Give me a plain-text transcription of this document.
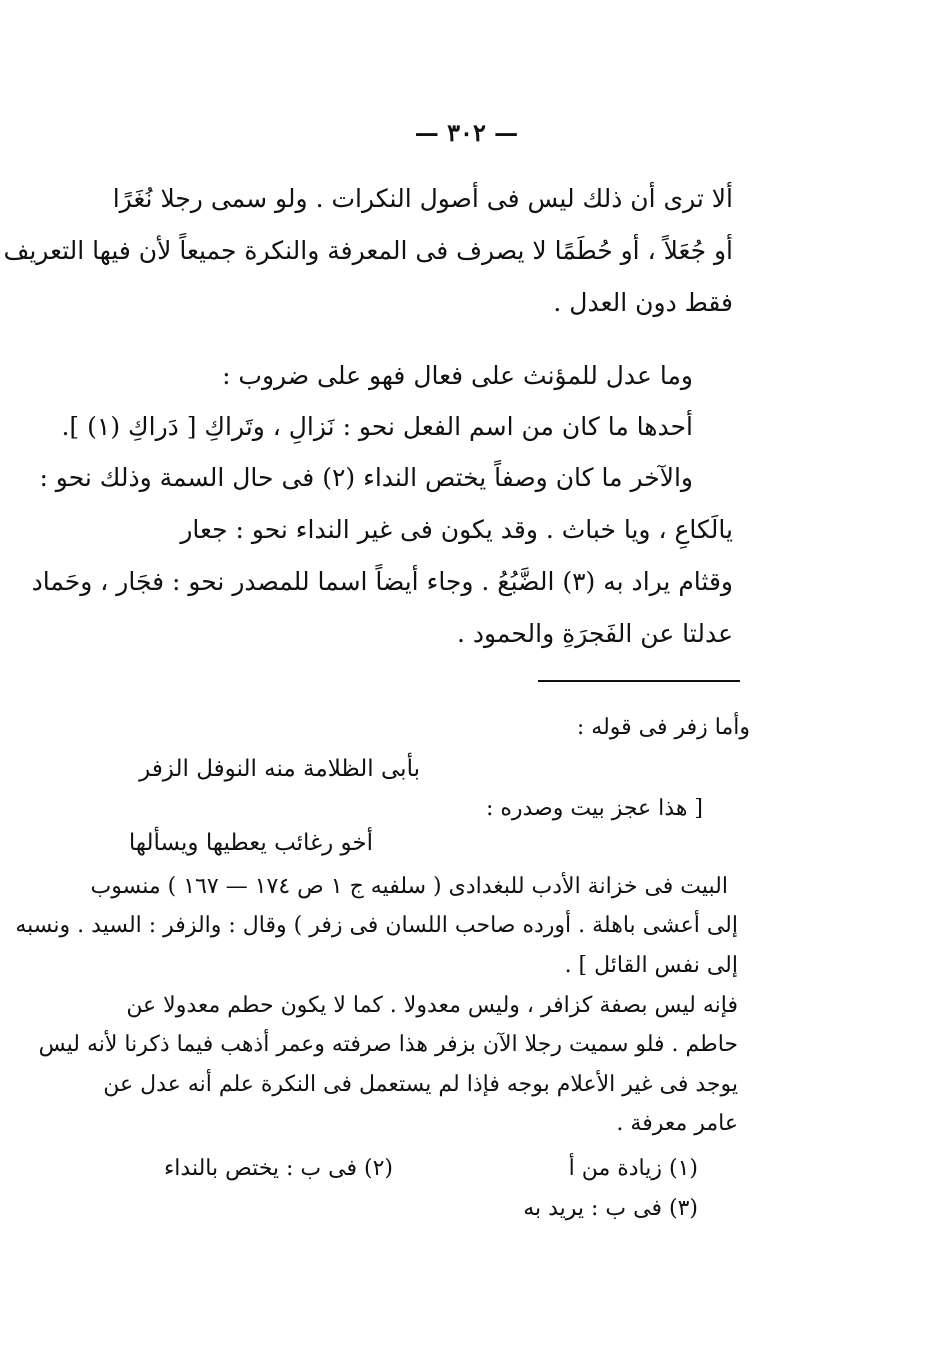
— ٣٠٢ —
ألا ترى أن ذلك ليس فى أصول النكرات . ولو سمى رجلا نُغَرًا
أو جُعَلاً ، أو حُطَمًا لا يصرف فى المعرفة والنكرة جميعاً لأن فيها التعريف
فقط دون العدل .
وما عدل للمؤنث على فعال فهو على ضروب :
أحدها ما كان من اسم الفعل نحو : نَزالِ ، وتَراكِ [ دَراكِ (١) ].
والآخر ما كان وصفاً يختص النداء (٢) فى حال السمة وذلك نحو :
يالَكاعِ ، ويا خباث . وقد يكون فى غير النداء نحو : جعار
وقثام يراد به (٣) الضَّبُعُ . وجاء أيضاً اسما للمصدر نحو : فجَار ، وحَماد
عدلتا عن الفَجرَةِ والحمود .
وأما زفر فى قوله :
بأبى الظلامة منه النوفل الزفر
[ هذا عجز بيت وصدره :
أخو رغائب يعطيها ويسألها
البيت فى خزانة الأدب للبغدادى ( سلفيه ج ١ ص ١٧٤ — ١٦٧ ) منسوب
إلى أعشى باهلة . أورده صاحب اللسان فى زفر ) وقال : والزفر : السيد . ونسبه
إلى نفس القائل ] .
فإنه ليس بصفة كزافر ، وليس معدولا . كما لا يكون حطم معدولا عن
حاطم . فلو سميت رجلا الآن بزفر هذا صرفته وعمر أذهب فيما ذكرنا لأنه ليس
يوجد فى غير الأعلام بوجه فإذا لم يستعمل فى النكرة علم أنه عدل عن
عامر معرفة .
(١) زيادة من أ
(٢) فى ب : يختص بالنداء
(٣) فى ب : يريد به
